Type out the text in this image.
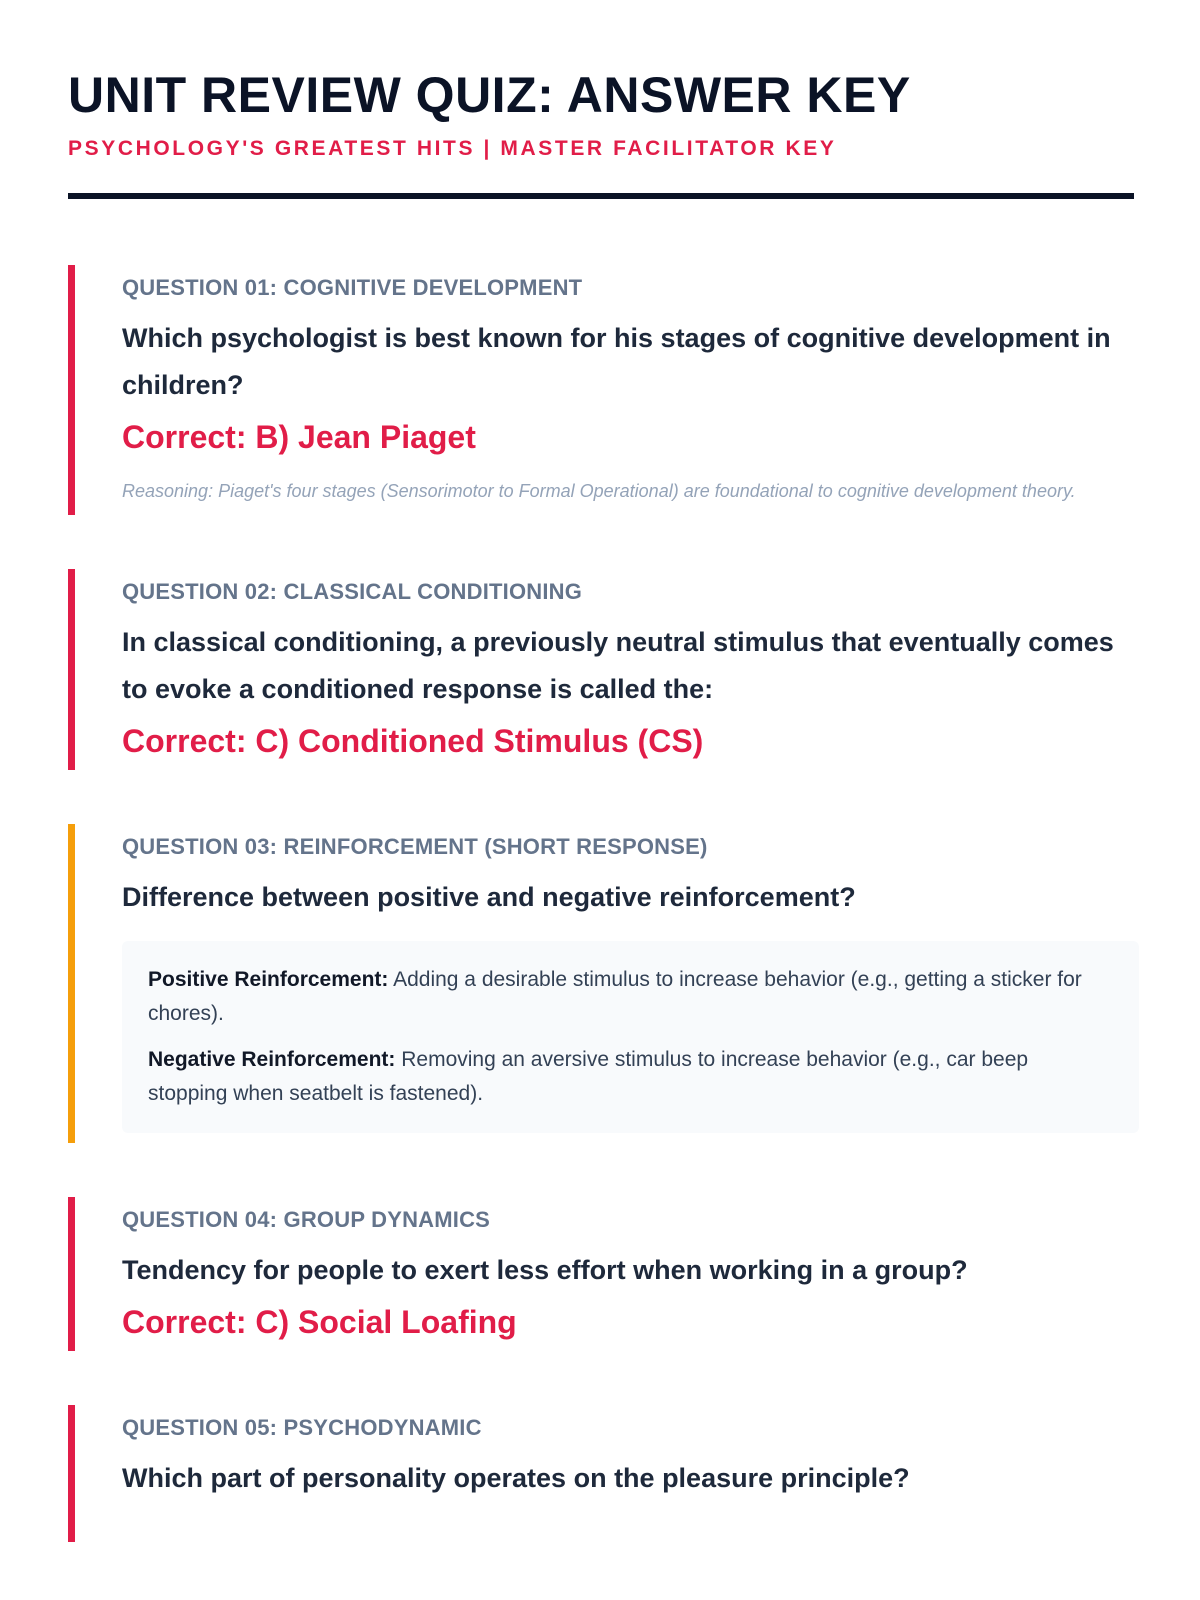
UNIT REVIEW QUIZ: ANSWER KEY
PSYCHOLOGY'S GREATEST HITS | MASTER FACILITATOR KEY
QUESTION 01: COGNITIVE DEVELOPMENT
Which psychologist is best known for his stages of cognitive development in children?
Correct: B) Jean Piaget
Reasoning: Piaget's four stages (Sensorimotor to Formal Operational) are foundational to cognitive development theory.
QUESTION 02: CLASSICAL CONDITIONING
In classical conditioning, a previously neutral stimulus that eventually comes to evoke a conditioned response is called the:
Correct: C) Conditioned Stimulus (CS)
QUESTION 03: REINFORCEMENT (SHORT RESPONSE)
Difference between positive and negative reinforcement?

Positive Reinforcement: Adding a desirable stimulus to increase behavior (e.g., getting a sticker for chores).

Negative Reinforcement: Removing an aversive stimulus to increase behavior (e.g., car beep stopping when seatbelt is fastened).

QUESTION 04: GROUP DYNAMICS
Tendency for people to exert less effort when working in a group?
Correct: C) Social Loafing
QUESTION 05: PSYCHODYNAMIC
Which part of personality operates on the pleasure principle?
